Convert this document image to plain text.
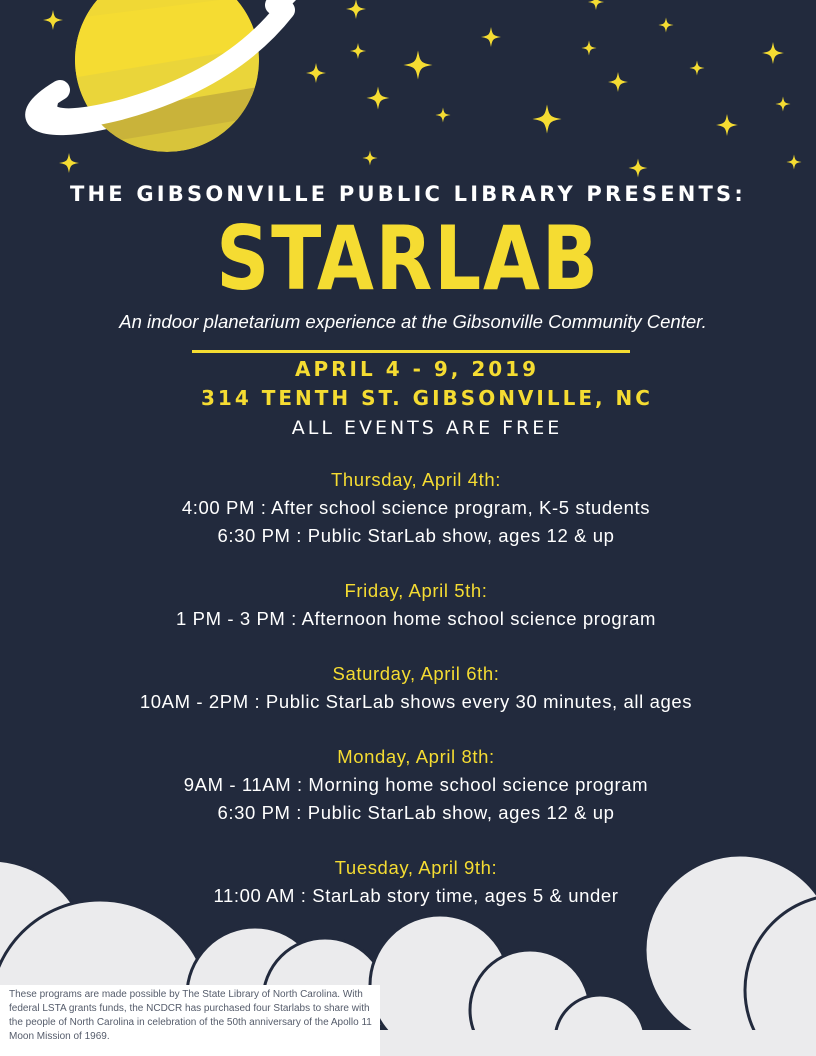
THE GIBSONVILLE PUBLIC LIBRARY PRESENTS:
STARLAB
An indoor planetarium experience at the Gibsonville Community Center.
APRIL 4 - 9, 2019
314 TENTH ST. GIBSONVILLE, NC
ALL EVENTS ARE FREE
Thursday, April 4th:
4:00 PM : After school science program, K-5 students
6:30 PM : Public StarLab show, ages 12 & up
Friday, April 5th:
1 PM - 3 PM : Afternoon home school science program
Saturday, April 6th:
10AM - 2PM : Public StarLab shows every 30 minutes, all ages
Monday, April 8th:
9AM - 11AM : Morning home school science program
6:30 PM : Public StarLab show, ages 12 & up
Tuesday, April 9th:
11:00 AM : StarLab story time, ages 5 & under
These programs are made possible by The State Library of North Carolina. With federal LSTA grants funds, the NCDCR has purchased four Starlabs to share with the people of North Carolina in celebration of the 50th anniversary of the Apollo 11 Moon Mission of 1969.
